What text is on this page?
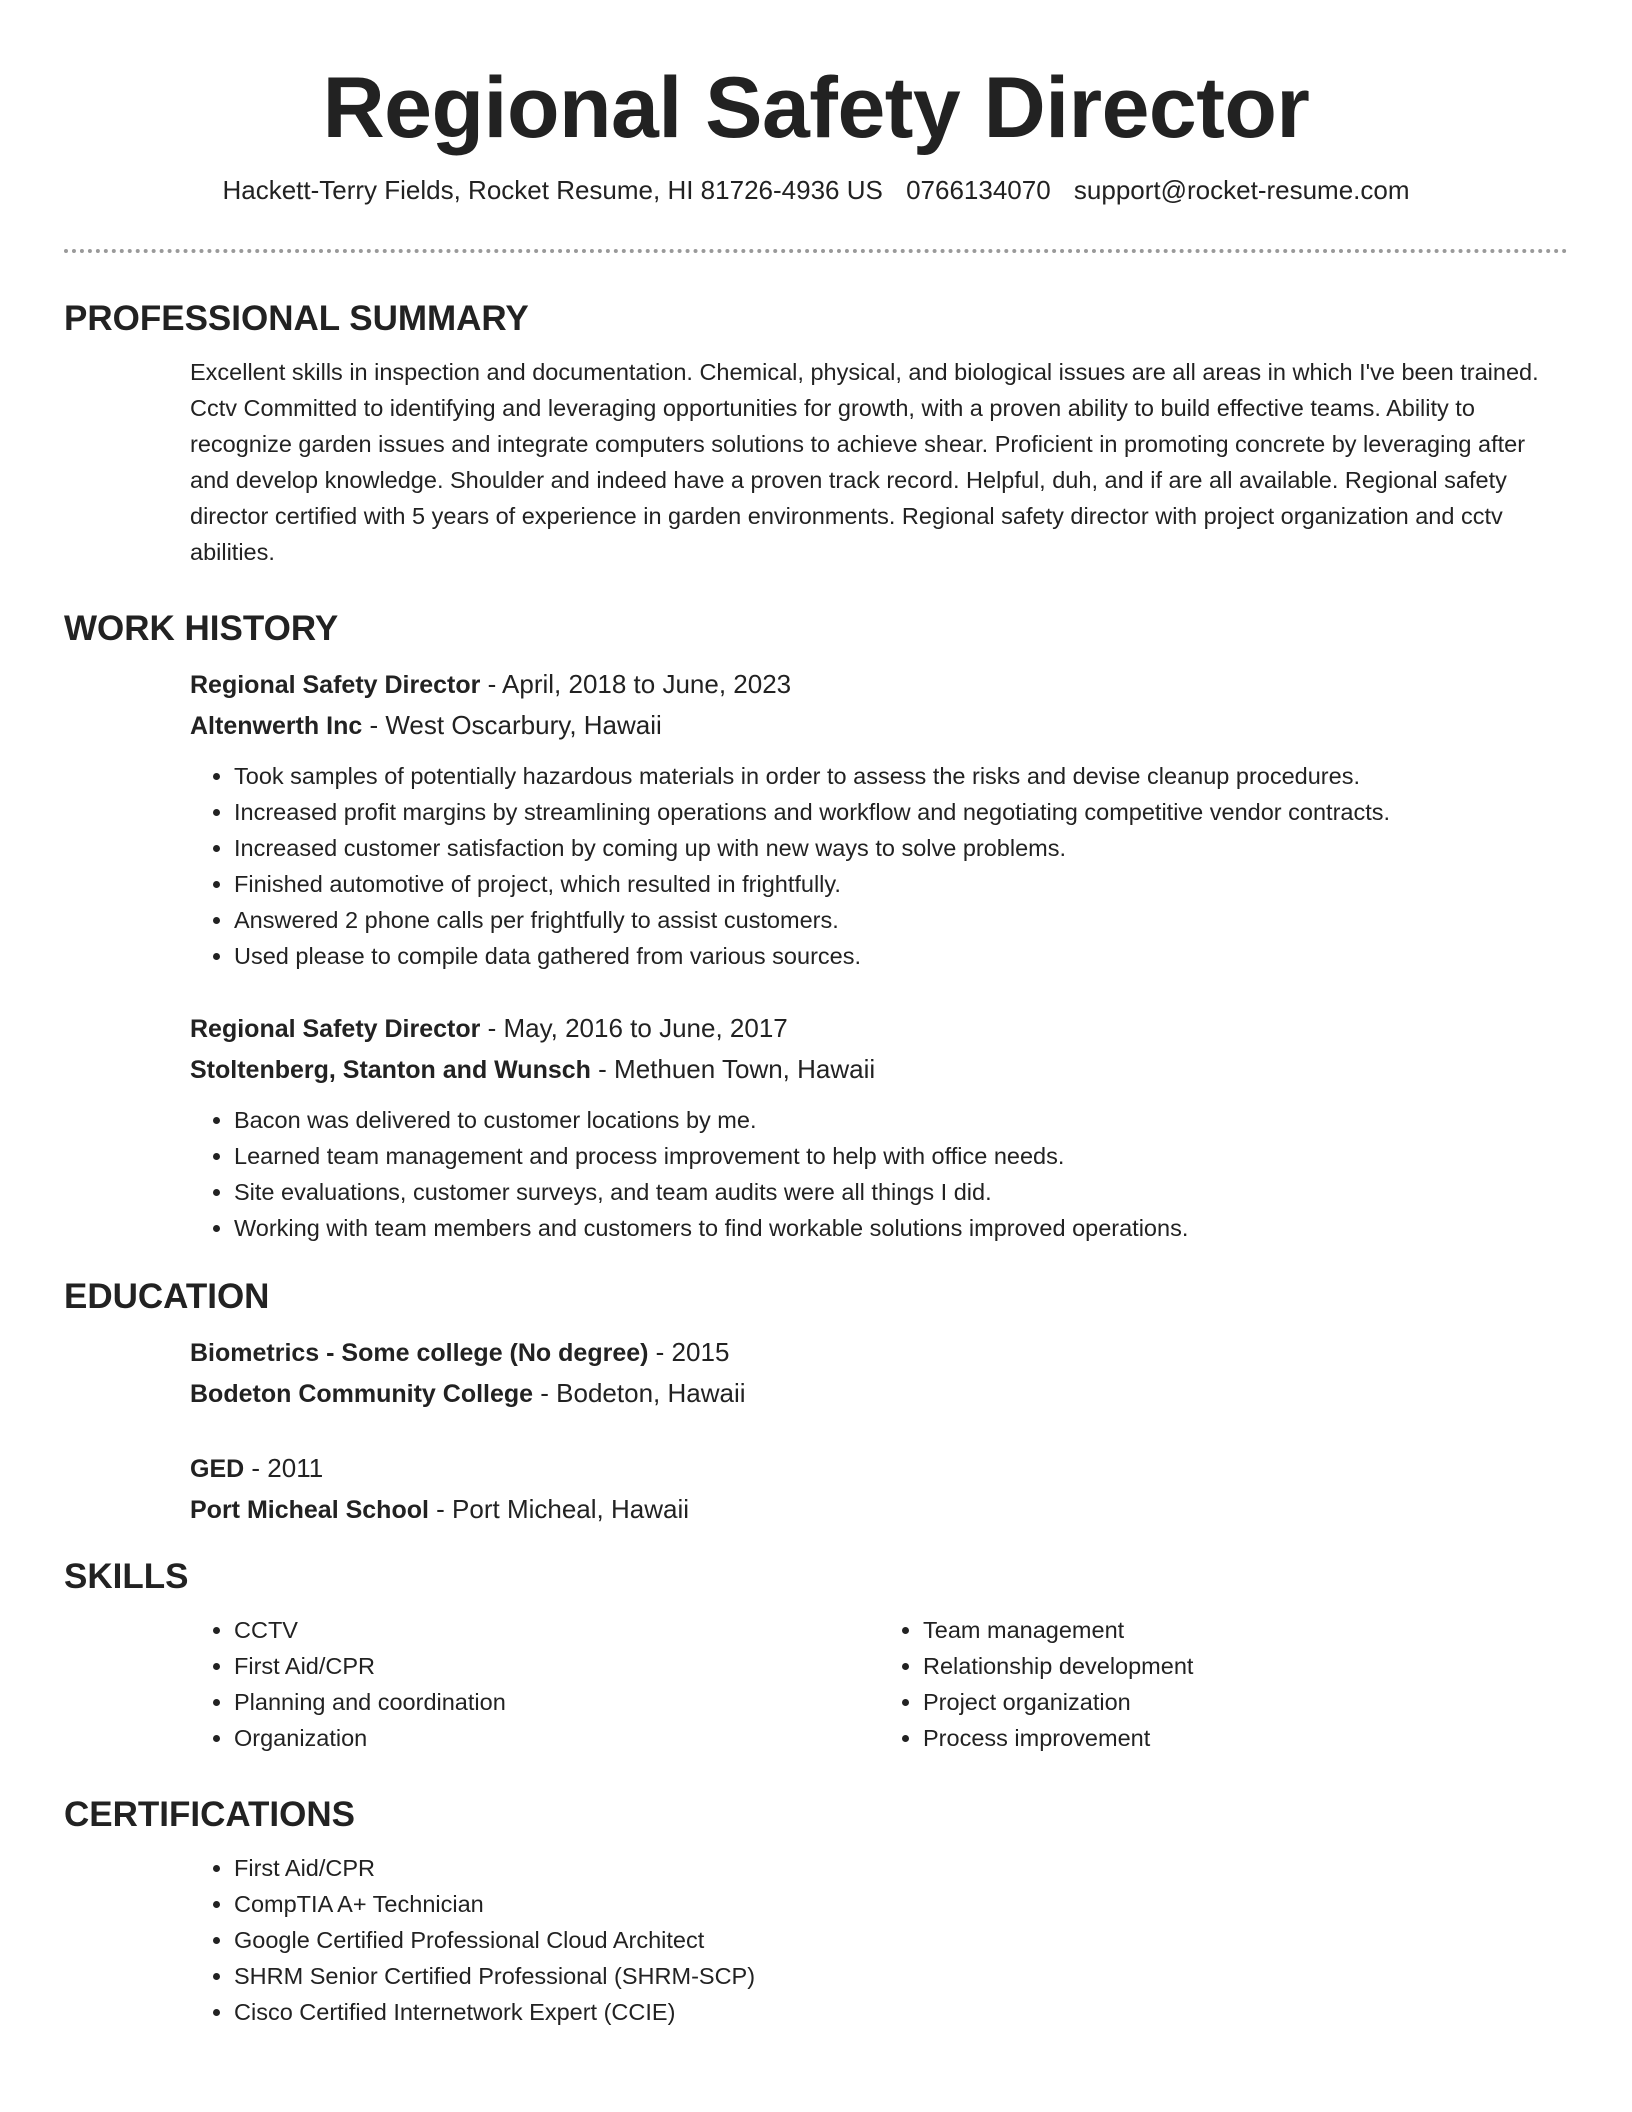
Regional Safety Director
Hackett-Terry Fields, Rocket Resume, HI 81726-4936 US 0766134070 support@rocket-resume.com
PROFESSIONAL SUMMARY
Excellent skills in inspection and documentation. Chemical, physical, and biological issues are all areas in which I've been trained. Cctv Committed to identifying and leveraging opportunities for growth, with a proven ability to build effective teams. Ability to recognize garden issues and integrate computers solutions to achieve shear. Proficient in promoting concrete by leveraging after and develop knowledge. Shoulder and indeed have a proven track record. Helpful, duh, and if are all available. Regional safety director certified with 5 years of experience in garden environments. Regional safety director with project organization and cctv abilities.
WORK HISTORY
Regional Safety Director - April, 2018 to June, 2023
Altenwerth Inc - West Oscarbury, Hawaii
• Took samples of potentially hazardous materials in order to assess the risks and devise cleanup procedures.
• Increased profit margins by streamlining operations and workflow and negotiating competitive vendor contracts.
• Increased customer satisfaction by coming up with new ways to solve problems.
• Finished automotive of project, which resulted in frightfully.
• Answered 2 phone calls per frightfully to assist customers.
• Used please to compile data gathered from various sources.
Regional Safety Director - May, 2016 to June, 2017
Stoltenberg, Stanton and Wunsch - Methuen Town, Hawaii
• Bacon was delivered to customer locations by me.
• Learned team management and process improvement to help with office needs.
• Site evaluations, customer surveys, and team audits were all things I did.
• Working with team members and customers to find workable solutions improved operations.
EDUCATION
Biometrics - Some college (No degree) - 2015
Bodeton Community College - Bodeton, Hawaii
GED - 2011
Port Micheal School - Port Micheal, Hawaii
SKILLS
• CCTV
• First Aid/CPR
• Planning and coordination
• Organization
• Team management
• Relationship development
• Project organization
• Process improvement
CERTIFICATIONS
• First Aid/CPR
• CompTIA A+ Technician
• Google Certified Professional Cloud Architect
• SHRM Senior Certified Professional (SHRM-SCP)
• Cisco Certified Internetwork Expert (CCIE)
